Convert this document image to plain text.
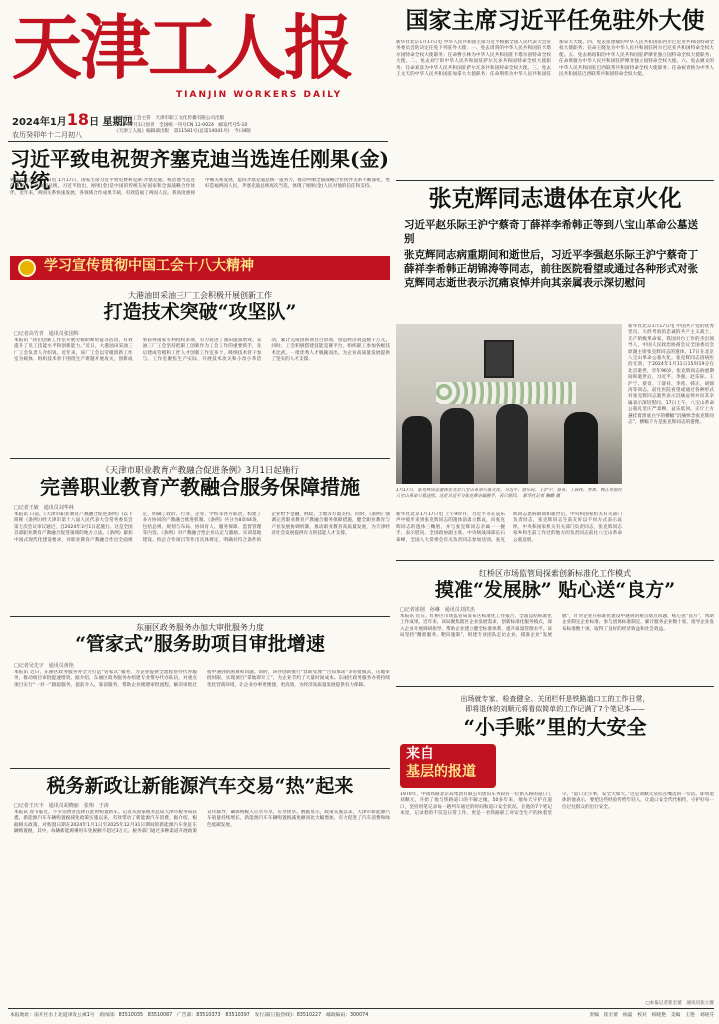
天津工人报
TIANJIN WORKERS DAILY
2024年1月18日 星期四
农历癸卯年十二月初八
天津市总工会主管　天津市职工文化传播有限公司出版
1949年7月1日创刊　全国统一刊号CN 12-0024　邮发代号5-10
《天津工人报》编辑部出版　第11581号(总第14041号)　今日8版
国家主席习近平任免驻外大使
新华社北京1月17日电 中华人民共和国主席习近平根据全国人民代表大会常务委员会的决定任免下列驻外大使：一、免去周剑的中华人民共和国驻卡塔尔国特命全权大使职务；任命曹小林为中华人民共和国驻卡塔尔国特命全权大使。二、免去刘宁的中华人民共和国驻萨尔瓦多共和国特命全权大使职务；任命刘彦为中华人民共和国驻萨尔瓦多共和国特命全权大使。三、免去王文天的中华人民共和国驻加拿大大使职务；任命荆伟为中华人民共和国驻加拿大大使。四、免去张建敏的中华人民共和国驻阿尔巴尼亚共和国特命全权大使职务；任命王晓龙为中华人民共和国驻阿尔巴尼亚共和国特命全权大使。五、免去杨绍阳的中华人民共和国驻萨摩亚独立国特命全权大使职务；任命黄敏为中华人民共和国驻萨摩亚独立国特命全权大使。六、免去姚文的中华人民共和国驻巴西联邦共和国特命全权大使职务；任命祝青桥为中华人民共和国驻巴西联邦共和国特命全权大使。
习近平致电祝贺齐塞克迪当选连任刚果(金)总统
新华社北京1月17日电 1月17日，国家主席习近平致电费利克斯·齐塞克迪，祝贺他当选连任刚果民主共和国总统。习近平指出，刚果(金)是中国的传统友好国家和全面战略合作伙伴。近年来，两国关系快速发展，各领域合作成果丰硕，有效造福了两国人民。我高度重视中刚关系发展，愿同齐塞克迪总统一道努力，推动中刚全面战略合作伙伴关系不断深化，更好造福两国人民。齐塞克迪总统再次当选，体现了刚果(金)人民对他的信任和支持。
学习宣传贯彻中国工会十八大精神
大港油田采油三厂工会积极开展创新工作
打造技术突破“攻坚队”
□记者高竹青　通讯员张国辉
本报讯 “我们创新工作室开展劳模助师带徒等活动，有效提升了员工技能水平和创新能力。”近日，大港油田采油三厂工会负责人介绍说。近年来，该厂工会以劳模创新工作室为载体，组织技术骨干围绕生产难题开展攻关，创新成果获得国家专利授权多项，有力促进了油田提质增效。采油三厂工会坚持把职工创新作为工会工作的重要抓手，先后建成劳模和工匠人才创新工作室多个，吸纳技术骨干参与。工作室聚焦生产实际，开展技术攻关和小改小革活动，累计完成创新项目百余项，创造经济效益数千万元。同时，工会积极搭建技能竞赛平台，组织职工参加各级技术比武，一批优秀人才脱颖而出，为企业高质量发展提供了坚实的人才支撑。
张克辉同志遗体在京火化
习近平赵乐际王沪宁蔡奇丁薛祥李希韩正等到八宝山革命公墓送别
张克辉同志病重期间和逝世后，习近平李强赵乐际王沪宁蔡奇丁薛祥李希韩正胡锦涛等同志，前往医院看望或通过各种形式对张克辉同志逝世表示沉痛哀悼并向其亲属表示深切慰问
1月17日，张克辉同志遗体在北京八宝山革命公墓火化。习近平、赵乐际、王沪宁、蔡奇、丁薛祥、李希、韩正等前往八宝山革命公墓送别。这是习近平与张克辉亲属握手，表示慰问。　新华社记者 鞠鹏 摄
新华社北京1月17日电 中国共产党的优秀党员，久经考验的忠诚的共产主义战士，无产阶级革命家，我国对台工作的杰出领导人，中国人民政治协商会议全国委员会原副主席张克辉同志的遗体，17日在北京八宝山革命公墓火化。张克辉同志因病医治无效，于2024年1月11日15时19分在北京逝世，享年96岁。张克辉同志病重期间和逝世后，习近平、李强、赵乐际、王沪宁、蔡奇、丁薛祥、李希、韩正、胡锦涛等同志，前往医院看望或通过各种形式对张克辉同志逝世表示沉痛哀悼并向其亲属表示深切慰问。17日上午，八宝山革命公墓礼堂庄严肃穆，哀乐低回。正厅上方悬挂着黑底白字的横幅“沉痛悼念张克辉同志”，横幅下方是张克辉同志的遗像。
新华社北京1月17日电 上午9时许，习近平等在哀乐声中缓步来到张克辉同志的遗体前肃立默哀，向张克辉同志的遗体三鞠躬，并与张克辉同志亲属一一握手，表示慰问。全国政协副主席、中央统战部部长石泰峰，全国人大常委会有关负责同志参加送别。张克辉同志患病期间和逝世后，中央和国家机关有关部门负责同志，张克辉同志生前友好以不同方式表示哀悼，中央和国家机关有关部门负责同志，张克辉同志家乡和生前工作过的地方的负责同志前往八宝山革命公墓送别。
《天津市职业教育产教融合促进条例》3月1日起施行
完善职业教育产教融合服务保障措施
□记者王敏　通讯员刘华林
本报讯 日前，《天津市职业教育产教融合促进条例》(以下简称《条例》)经天津市第十八届人民代表大会常务委员会第七次会议审议通过，自2024年3月1日起施行。这是全国首部职业教育产教融合促进领域的地方立法。《条例》紧扣中国式现代化建设要求，对职业教育产教融合作出全面规定，明确了政府、行业、企业、学校等各方职责，构建了多方协同的产教融合推进机制。《条例》共分为8章44条，包括总则、规划与布局、协同育人、服务保障、监督管理等内容。《条例》对产教融合型企业认定与激励、实训基地建设、校企合作项目等作出具体规定，明确对符合条件的企业给予金融、财政、土地等方面支持。同时，《条例》强调完善职业教育产教融合服务保障措施，健全职业教育与产业发展协调机制，推动职业教育高质量发展，为天津经济社会发展提供有力的技能人才支撑。
红桥区市场监管局探索创新标准化工作模式
摸准“发展脉” 贴心送“良方”
□记者崔钢　孙琳　通讯员刘洪杰
本报讯 近日，红桥区市场监管局发布区标准化工作报告，全面总结标准化工作成果。近年来，该局聚焦辖区企业发展需求，创新标准化服务模式，深入企业开展调研指导，帮助企业建立健全标准体系，提升质量管理水平。该局坚持“精准服务、靶向施策”，组建专业团队走访企业，摸准企业“发展脉”，针对企业在标准化建设中遇到的难点堵点问题，贴心送“良方”，帮助企业制定企业标准、参与团体标准制定，累计服务企业数十家，指导企业发布标准数十项，取得了良好的经济效益和社会效益。
东丽区政务服务办加大审批服务力度
“管家式”服务助项目审批增速
□记者吴先宇　通讯员黄艳
本报讯 近日，东丽区政务服务办全力打造“管家式”服务，为企业提供全流程帮办代办服务，推动项目审批提速增效。据介绍，东丽区政务服务办组建专业帮办代办队伍，对重点项目实行“一对一”跟踪服务，提前介入、靠前服务，帮助企业梳理审批流程，解决审批过程中遇到的困难和问题。同时，该办创新推行“容缺受理”“告知承诺”等审批模式，压缩审批时限，实现项目“拿地即开工”，为企业节约了大量时间成本。东丽区政务服务办将持续优化营商环境，让企业办事更便捷、更高效，为经济高质量发展提供有力保障。
税务新政让新能源汽车交易“热”起来
□记者王庆丰　通讯员胡晓丽　张翔　于涛
本报讯 春节临近，不少消费者选择在此时购置新车。记者从国家税务总局天津市税务局获悉，新能源汽车车辆购置税减免政策实施以来，有效带动了新能源汽车消费。据介绍，根据相关政策，对购置日期在2024年1月1日至2025年12月31日期间的新能源汽车免征车辆购置税，其中，每辆新能源乘用车免税额不超过3万元。税务部门通过多种渠道开展政策宣传辅导，确保纳税人应享尽享、应享快享。数据显示，政策实施以来，天津市新能源汽车销量持续增长，新能源汽车车辆购置税减免额同比大幅增加，有力促进了汽车消费和绿色低碳发展。
出场就专家、检查健全、关闭栏杆是铁路道口工的工作日常，
即将退休的刘顺元将看似简单的工作记满了7个笔记本——
“小手账”里的大安全
来自
基层的报道
1970年，中国铁路北京局集团有限公司唐山车务段有一位新入路的道口工刘顺元，开始了他与铁路道口的不解之缘。50多年来，他每天守护在道口，坚持用笔记录每一趟列车通过的时间和道口安全状况。在他的7个笔记本里，记录着的不仅是日常工作，更是一名铁路职工对安全生产的执着坚守。“道口无小事，安全大如天。”这是刘顺元常挂在嘴边的一句话。即将退休的他表示，要把这些经验传给年轻人，让道口安全代代相传，守护好每一位过往群众的出行安全。
□本报记者崔宏蕾　通讯员张立群
本报地址：南开区水上北道津发公寓1号　新闻部：83510035　83510087　广告部：83510373　83510397　发行部(订报热线)：83510227　邮政编码：300074	责编　崔宏蕾　杨磊　校对　柏晓艳　美编　王艳　刘晓芬
